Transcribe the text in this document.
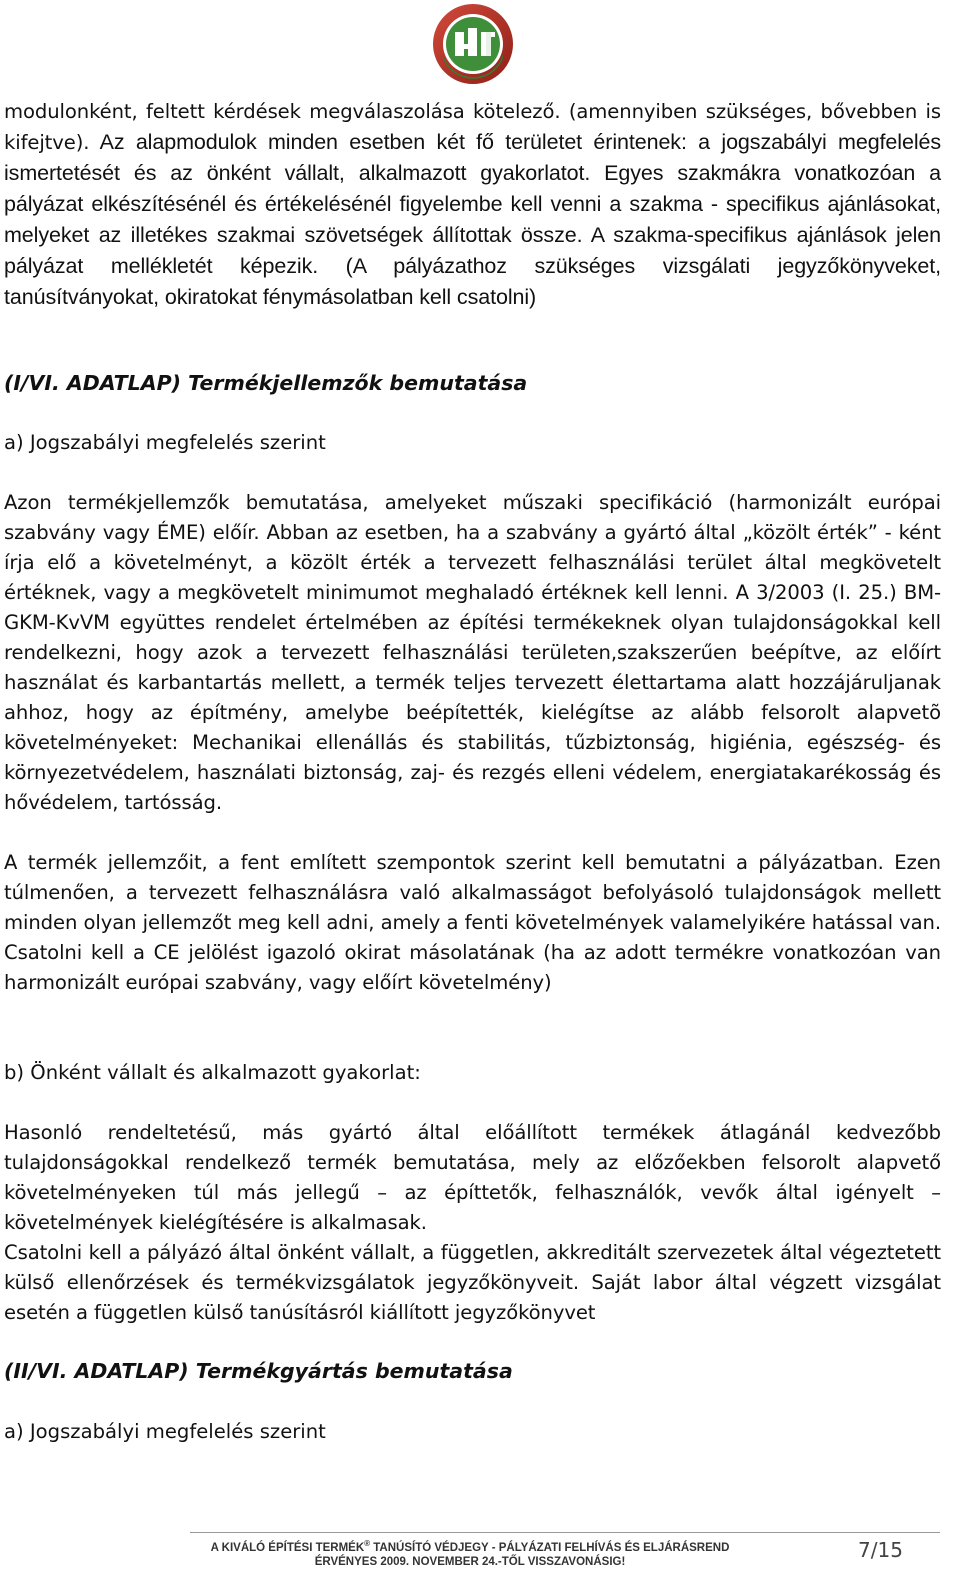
modulonként, feltett kérdések megválaszolása kötelező. (amennyiben szükséges, bővebben is kifejtve). Az alapmodulok minden esetben két fő területet érintenek: a jogszabályi megfelelés ismertetését és az önként vállalt, alkalmazott gyakorlatot. Egyes szakmákra vonatkozóan a pályázat elkészítésénél és értékelésénél figyelembe kell venni a szakma - specifikus ajánlásokat, melyeket az illetékes szakmai szövetségek állítottak össze. A szakma-specifikus ajánlások jelen pályázat mellékletét képezik. (A pályázathoz szükséges vizsgálati jegyzőkönyveket, tanúsítványokat, okiratokat fénymásolatban kell csatolni)

(I/VI. ADATLAP) Termékjellemzők bemutatása

a) Jogszabályi megfelelés szerint

Azon termékjellemzők bemutatása, amelyeket műszaki specifikáció (harmonizált európai szabvány vagy ÉME) előír. Abban az esetben, ha a szabvány a gyártó által „közölt érték” - ként írja elő a követelményt, a közölt érték a tervezett felhasználási terület által megkövetelt értéknek, vagy a megkövetelt minimumot meghaladó értéknek kell lenni. A 3/2003 (I. 25.) BM-GKM-KvVM együttes rendelet értelmében az építési termékeknek olyan tulajdonságokkal kell rendelkezni, hogy azok a tervezett felhasználási területen,szakszerűen beépítve, az előírt használat és karbantartás mellett, a termék teljes tervezett élettartama alatt hozzájáruljanak ahhoz, hogy az építmény, amelybe beépítették, kielégítse az alább felsorolt alapvetõ követelményeket: Mechanikai ellenállás és stabilitás, tűzbiztonság, higiénia, egészség- és környezetvédelem, használati biztonság, zaj- és rezgés elleni védelem, energiatakarékosság és hővédelem, tartósság.

A termék jellemzőit, a fent említett szempontok szerint kell bemutatni a pályázatban. Ezen túlmenően, a tervezett felhasználásra való alkalmasságot befolyásoló tulajdonságok mellett minden olyan jellemzőt meg kell adni, amely a fenti követelmények valamelyikére hatással van. Csatolni kell a CE jelölést igazoló okirat másolatának (ha az adott termékre vonatkozóan van harmonizált európai szabvány, vagy előírt követelmény)

b) Önként vállalt és alkalmazott gyakorlat:

Hasonló rendeltetésű, más gyártó által előállított termékek átlagánál kedvezőbb tulajdonságokkal rendelkező termék bemutatása, mely az előzőekben felsorolt alapvető követelményeken túl más jellegű – az építtetők, felhasználók, vevők által igényelt – követelmények kielégítésére is alkalmasak.

Csatolni kell a pályázó által önként vállalt, a független, akkreditált szervezetek által végeztetett külső ellenőrzések és termékvizsgálatok jegyzőkönyveit. Saját labor által végzett vizsgálat esetén a független külső tanúsításról kiállított jegyzőkönyvet

(II/VI. ADATLAP) Termékgyártás bemutatása

a) Jogszabályi megfelelés szerint

A KIVÁLÓ ÉPÍTÉSI TERMÉK® TANÚSÍTÓ VÉDJEGY - PÁLYÁZATI FELHÍVÁS ÉS ELJÁRÁSREND
ÉRVÉNYES 2009. NOVEMBER 24.-TŐL VISSZAVONÁSIG!	7/15
